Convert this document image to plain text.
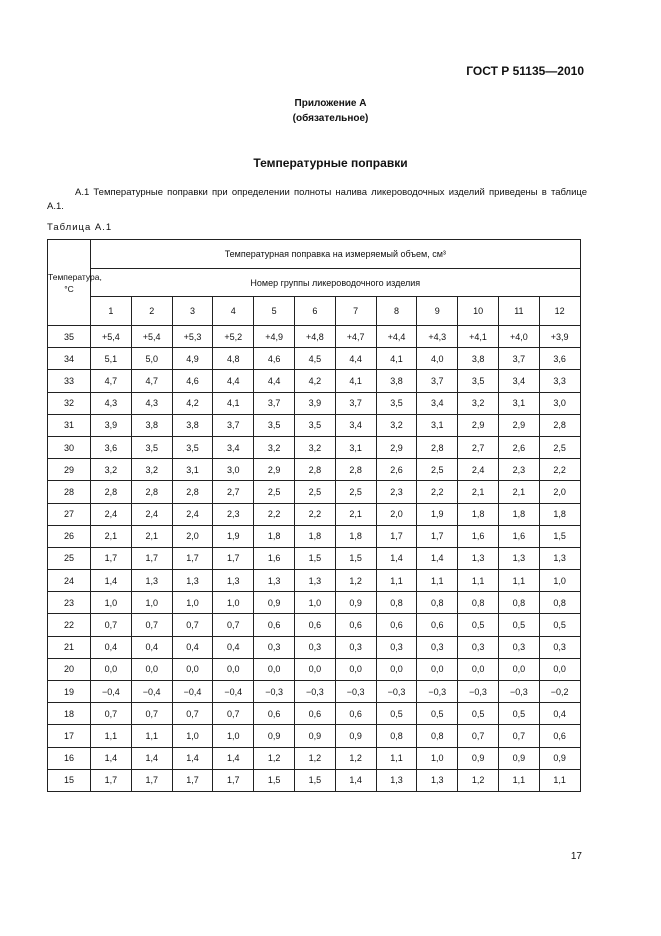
ГОСТ Р 51135—2010
Приложение А
(обязательное)
Температурные поправки
А.1 Температурные поправки при определении полноты налива ликероводочных изделий приведены в таблице А.1.
Таблица А.1
Температура, °С	Температурная поправка на измеряемый объем, см³											
	Номер группы ликероводочного изделия											
	1	2	3	4	5	6	7	8	9	10	11	12
35	+5,4	+5,4	+5,3	+5,2	+4,9	+4,8	+4,7	+4,4	+4,3	+4,1	+4,0	+3,9
34	5,1	5,0	4,9	4,8	4,6	4,5	4,4	4,1	4,0	3,8	3,7	3,6
33	4,7	4,7	4,6	4,4	4,4	4,2	4,1	3,8	3,7	3,5	3,4	3,3
32	4,3	4,3	4,2	4,1	3,7	3,9	3,7	3,5	3,4	3,2	3,1	3,0
31	3,9	3,8	3,8	3,7	3,5	3,5	3,4	3,2	3,1	2,9	2,9	2,8
30	3,6	3,5	3,5	3,4	3,2	3,2	3,1	2,9	2,8	2,7	2,6	2,5
29	3,2	3,2	3,1	3,0	2,9	2,8	2,8	2,6	2,5	2,4	2,3	2,2
28	2,8	2,8	2,8	2,7	2,5	2,5	2,5	2,3	2,2	2,1	2,1	2,0
27	2,4	2,4	2,4	2,3	2,2	2,2	2,1	2,0	1,9	1,8	1,8	1,8
26	2,1	2,1	2,0	1,9	1,8	1,8	1,8	1,7	1,7	1,6	1,6	1,5
25	1,7	1,7	1,7	1,7	1,6	1,5	1,5	1,4	1,4	1,3	1,3	1,3
24	1,4	1,3	1,3	1,3	1,3	1,3	1,2	1,1	1,1	1,1	1,1	1,0
23	1,0	1,0	1,0	1,0	0,9	1,0	0,9	0,8	0,8	0,8	0,8	0,8
22	0,7	0,7	0,7	0,7	0,6	0,6	0,6	0,6	0,6	0,5	0,5	0,5
21	0,4	0,4	0,4	0,4	0,3	0,3	0,3	0,3	0,3	0,3	0,3	0,3
20	0,0	0,0	0,0	0,0	0,0	0,0	0,0	0,0	0,0	0,0	0,0	0,0
19	−0,4	−0,4	−0,4	−0,4	−0,3	−0,3	−0,3	−0,3	−0,3	−0,3	−0,3	−0,2
18	0,7	0,7	0,7	0,7	0,6	0,6	0,6	0,5	0,5	0,5	0,5	0,4
17	1,1	1,1	1,0	1,0	0,9	0,9	0,9	0,8	0,8	0,7	0,7	0,6
16	1,4	1,4	1,4	1,4	1,2	1,2	1,2	1,1	1,0	0,9	0,9	0,9
15	1,7	1,7	1,7	1,7	1,5	1,5	1,4	1,3	1,3	1,2	1,1	1,1
17
